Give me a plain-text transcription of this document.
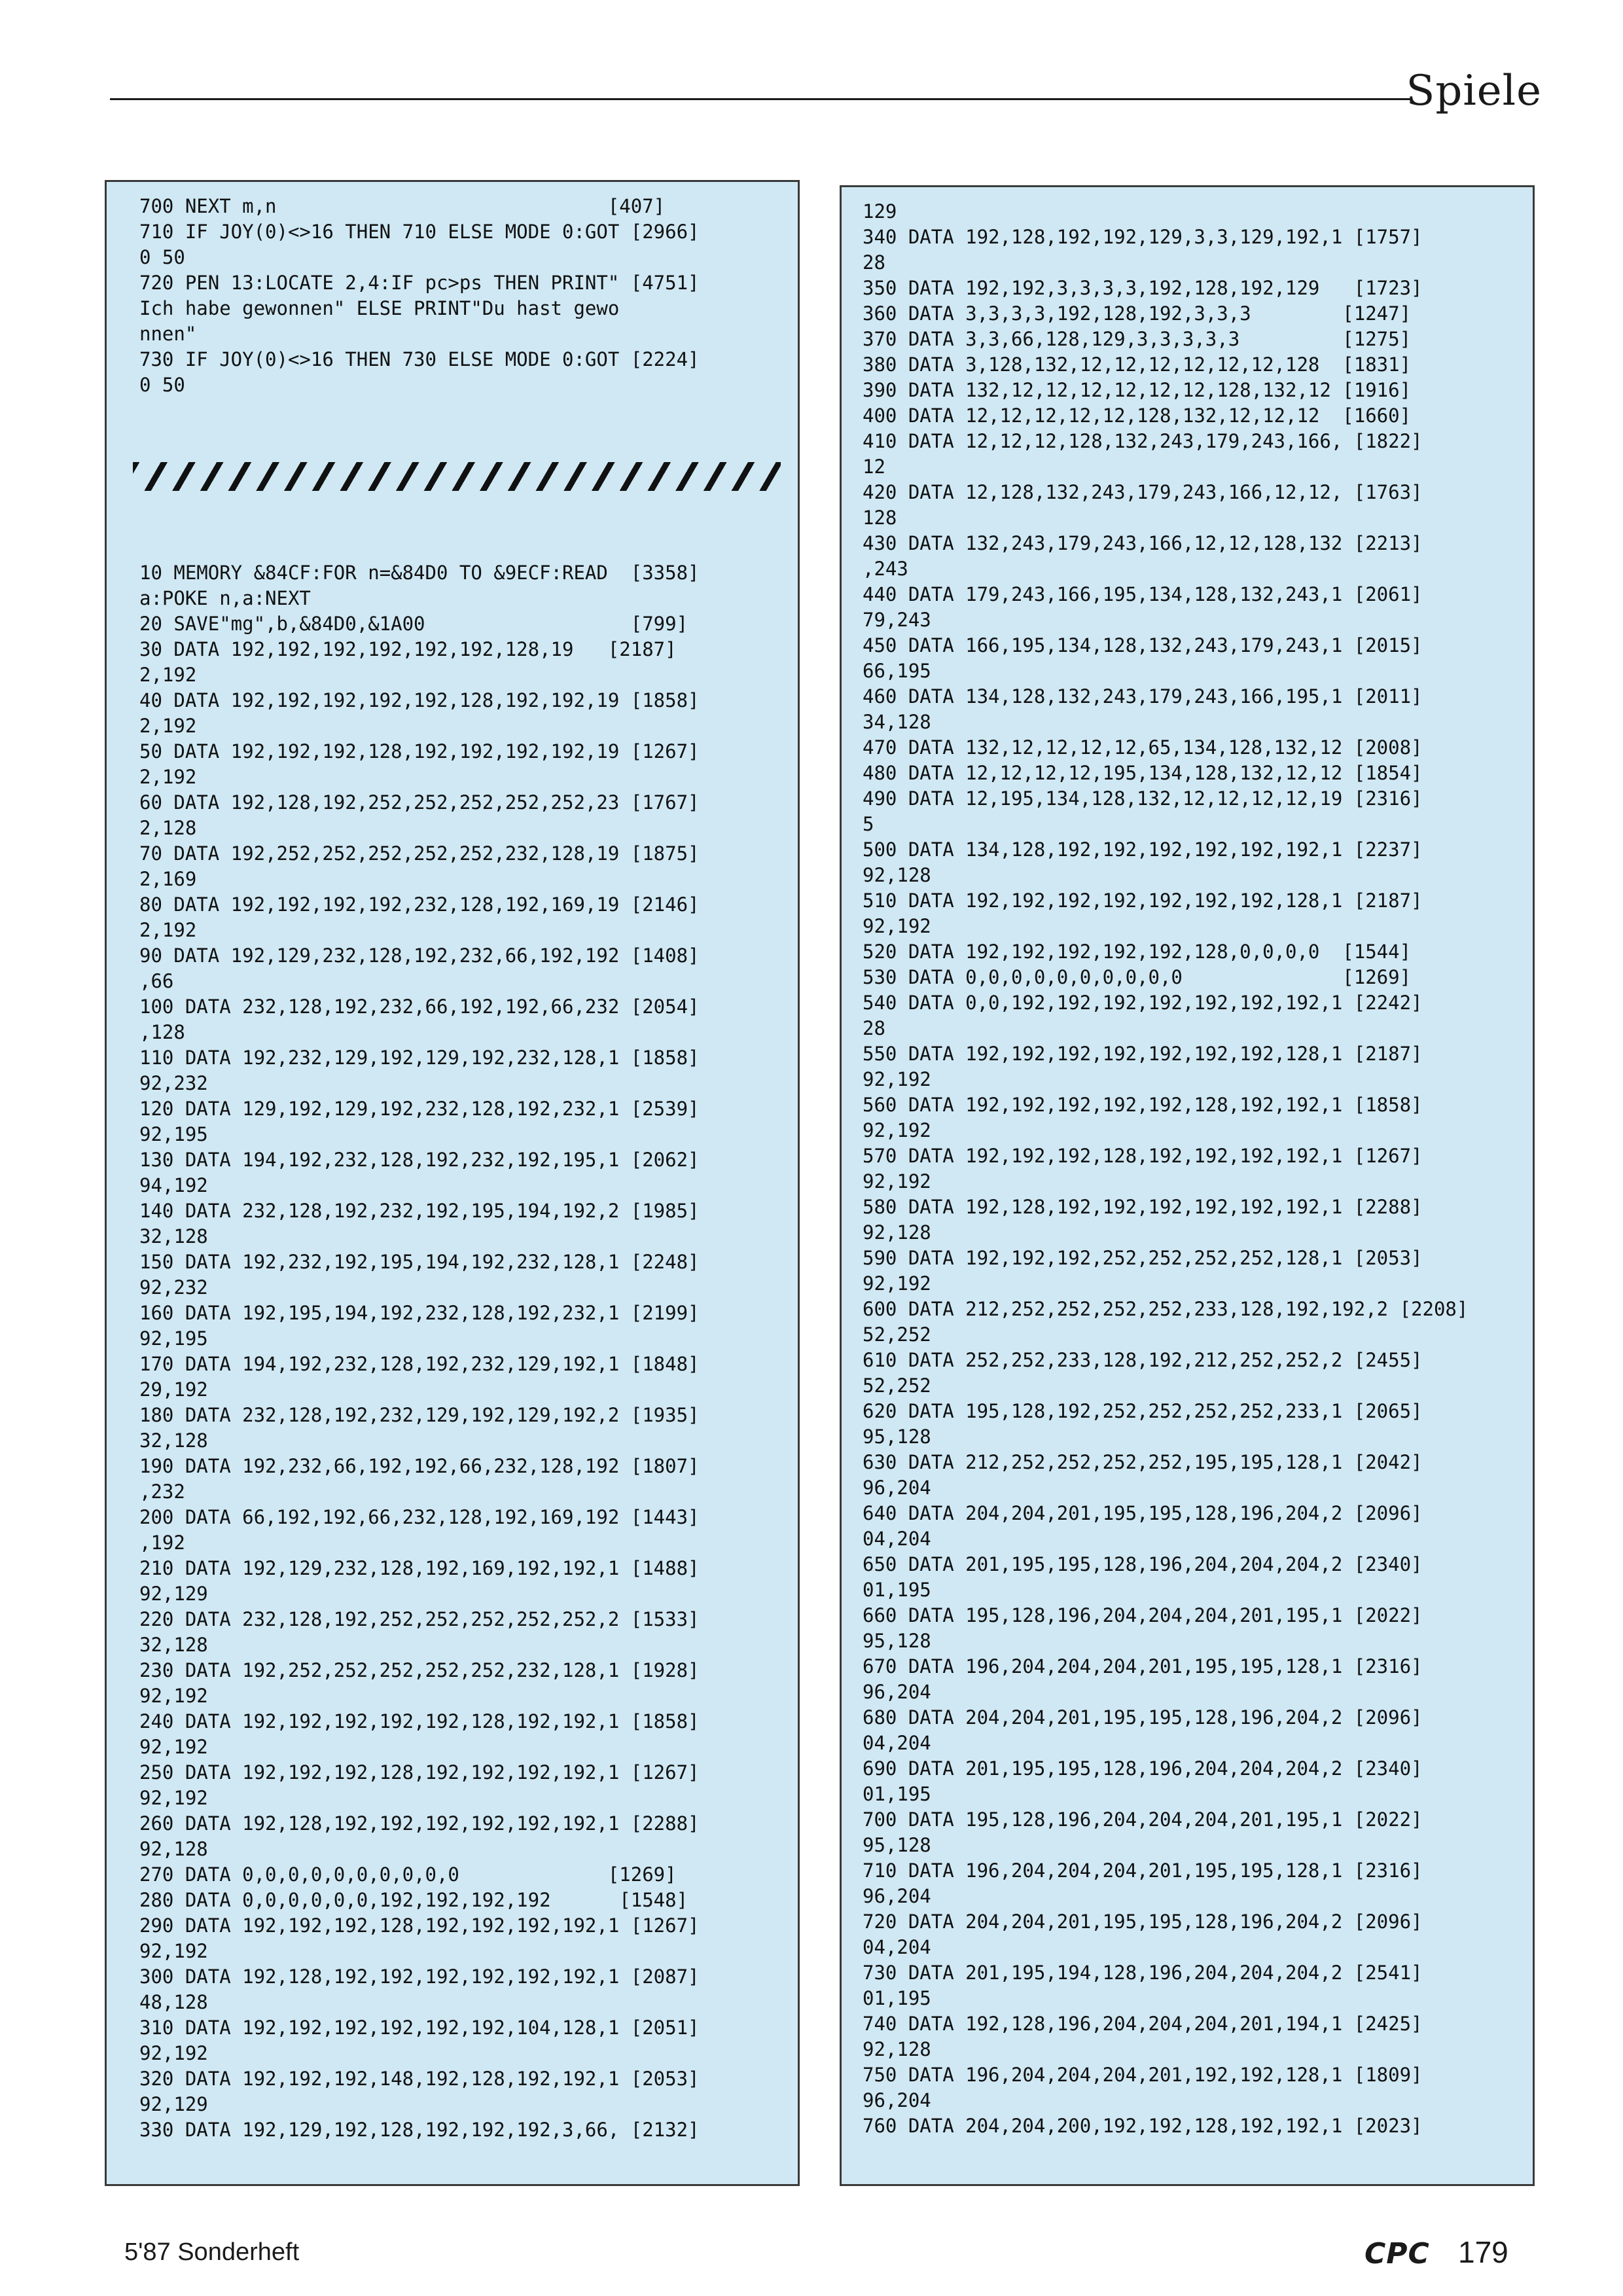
Spiele
700 NEXT m,n                             [407]
710 IF JOY(0)<>16 THEN 710 ELSE MODE 0:GOT [2966]
0 50
720 PEN 13:LOCATE 2,4:IF pc>ps THEN PRINT" [4751]
Ich habe gewonnen" ELSE PRINT"Du hast gewo
nnen"
730 IF JOY(0)<>16 THEN 730 ELSE MODE 0:GOT [2224]
0 50
10 MEMORY &84CF:FOR n=&84D0 TO &9ECF:READ  [3358]
a:POKE n,a:NEXT
20 SAVE"mg",b,&84D0,&1A00                  [799]
30 DATA 192,192,192,192,192,192,128,19   [2187]
2,192
40 DATA 192,192,192,192,192,128,192,192,19 [1858]
2,192
50 DATA 192,192,192,128,192,192,192,192,19 [1267]
2,192
60 DATA 192,128,192,252,252,252,252,252,23 [1767]
2,128
70 DATA 192,252,252,252,252,252,232,128,19 [1875]
2,169
80 DATA 192,192,192,192,232,128,192,169,19 [2146]
2,192
90 DATA 192,129,232,128,192,232,66,192,192 [1408]
,66
100 DATA 232,128,192,232,66,192,192,66,232 [2054]
,128
110 DATA 192,232,129,192,129,192,232,128,1 [1858]
92,232
120 DATA 129,192,129,192,232,128,192,232,1 [2539]
92,195
130 DATA 194,192,232,128,192,232,192,195,1 [2062]
94,192
140 DATA 232,128,192,232,192,195,194,192,2 [1985]
32,128
150 DATA 192,232,192,195,194,192,232,128,1 [2248]
92,232
160 DATA 192,195,194,192,232,128,192,232,1 [2199]
92,195
170 DATA 194,192,232,128,192,232,129,192,1 [1848]
29,192
180 DATA 232,128,192,232,129,192,129,192,2 [1935]
32,128
190 DATA 192,232,66,192,192,66,232,128,192 [1807]
,232
200 DATA 66,192,192,66,232,128,192,169,192 [1443]
,192
210 DATA 192,129,232,128,192,169,192,192,1 [1488]
92,129
220 DATA 232,128,192,252,252,252,252,252,2 [1533]
32,128
230 DATA 192,252,252,252,252,252,232,128,1 [1928]
92,192
240 DATA 192,192,192,192,192,128,192,192,1 [1858]
92,192
250 DATA 192,192,192,128,192,192,192,192,1 [1267]
92,192
260 DATA 192,128,192,192,192,192,192,192,1 [2288]
92,128
270 DATA 0,0,0,0,0,0,0,0,0,0             [1269]
280 DATA 0,0,0,0,0,0,192,192,192,192      [1548]
290 DATA 192,192,192,128,192,192,192,192,1 [1267]
92,192
300 DATA 192,128,192,192,192,192,192,192,1 [2087]
48,128
310 DATA 192,192,192,192,192,192,104,128,1 [2051]
92,192
320 DATA 192,192,192,148,192,128,192,192,1 [2053]
92,129
330 DATA 192,129,192,128,192,192,192,3,66, [2132]
129
340 DATA 192,128,192,192,129,3,3,129,192,1 [1757]
28
350 DATA 192,192,3,3,3,3,192,128,192,129   [1723]
360 DATA 3,3,3,3,192,128,192,3,3,3        [1247]
370 DATA 3,3,66,128,129,3,3,3,3,3         [1275]
380 DATA 3,128,132,12,12,12,12,12,12,128  [1831]
390 DATA 132,12,12,12,12,12,12,128,132,12 [1916]
400 DATA 12,12,12,12,12,128,132,12,12,12  [1660]
410 DATA 12,12,12,128,132,243,179,243,166, [1822]
12
420 DATA 12,128,132,243,179,243,166,12,12, [1763]
128
430 DATA 132,243,179,243,166,12,12,128,132 [2213]
,243
440 DATA 179,243,166,195,134,128,132,243,1 [2061]
79,243
450 DATA 166,195,134,128,132,243,179,243,1 [2015]
66,195
460 DATA 134,128,132,243,179,243,166,195,1 [2011]
34,128
470 DATA 132,12,12,12,12,65,134,128,132,12 [2008]
480 DATA 12,12,12,12,195,134,128,132,12,12 [1854]
490 DATA 12,195,134,128,132,12,12,12,12,19 [2316]
5
500 DATA 134,128,192,192,192,192,192,192,1 [2237]
92,128
510 DATA 192,192,192,192,192,192,192,128,1 [2187]
92,192
520 DATA 192,192,192,192,192,128,0,0,0,0  [1544]
530 DATA 0,0,0,0,0,0,0,0,0,0              [1269]
540 DATA 0,0,192,192,192,192,192,192,192,1 [2242]
28
550 DATA 192,192,192,192,192,192,192,128,1 [2187]
92,192
560 DATA 192,192,192,192,192,128,192,192,1 [1858]
92,192
570 DATA 192,192,192,128,192,192,192,192,1 [1267]
92,192
580 DATA 192,128,192,192,192,192,192,192,1 [2288]
92,128
590 DATA 192,192,192,252,252,252,252,128,1 [2053]
92,192
600 DATA 212,252,252,252,252,233,128,192,192,2 [2208]
52,252
610 DATA 252,252,233,128,192,212,252,252,2 [2455]
52,252
620 DATA 195,128,192,252,252,252,252,233,1 [2065]
95,128
630 DATA 212,252,252,252,252,195,195,128,1 [2042]
96,204
640 DATA 204,204,201,195,195,128,196,204,2 [2096]
04,204
650 DATA 201,195,195,128,196,204,204,204,2 [2340]
01,195
660 DATA 195,128,196,204,204,204,201,195,1 [2022]
95,128
670 DATA 196,204,204,204,201,195,195,128,1 [2316]
96,204
680 DATA 204,204,201,195,195,128,196,204,2 [2096]
04,204
690 DATA 201,195,195,128,196,204,204,204,2 [2340]
01,195
700 DATA 195,128,196,204,204,204,201,195,1 [2022]
95,128
710 DATA 196,204,204,204,201,195,195,128,1 [2316]
96,204
720 DATA 204,204,201,195,195,128,196,204,2 [2096]
04,204
730 DATA 201,195,194,128,196,204,204,204,2 [2541]
01,195
740 DATA 192,128,196,204,204,204,201,194,1 [2425]
92,128
750 DATA 196,204,204,204,201,192,192,128,1 [1809]
96,204
760 DATA 204,204,200,192,192,128,192,192,1 [2023]
5'87 Sonderheft	CPC 179
